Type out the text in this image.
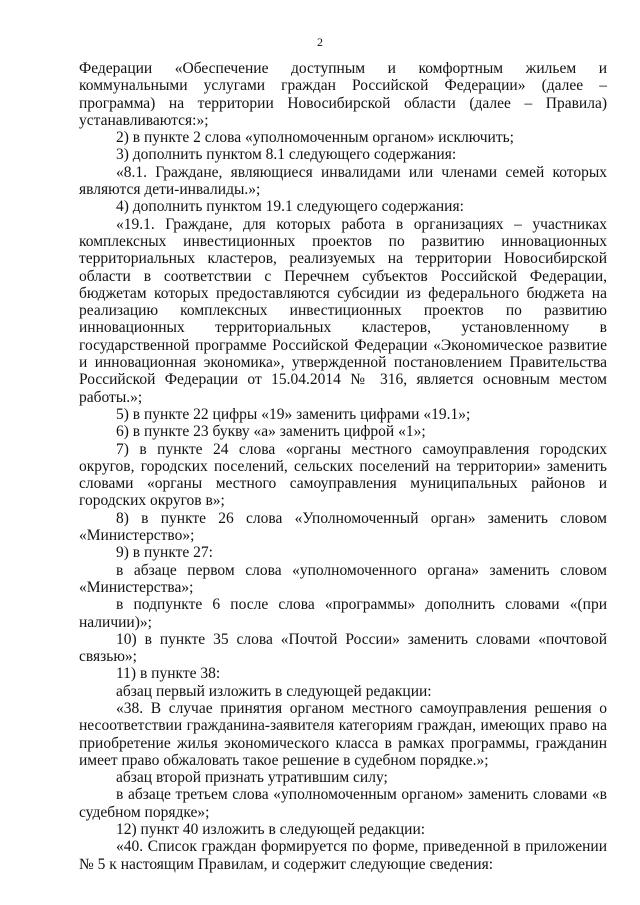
2

Федерации «Обеспечение доступным и комфортным жильем и коммунальными услугами граждан Российской Федерации» (далее – программа) на территории Новосибирской области (далее – Правила) устанавливаются:»;

2) в пункте 2 слова «уполномоченным органом» исключить;

3) дополнить пунктом 8.1 следующего содержания:

«8.1. Граждане, являющиеся инвалидами или членами семей которых являются дети-инвалиды.»;

4) дополнить пунктом 19.1 следующего содержания:

«19.1. Граждане, для которых работа в организациях – участниках комплексных инвестиционных проектов по развитию инновационных территориальных кластеров, реализуемых на территории Новосибирской области в соответствии с Перечнем субъектов Российской Федерации, бюджетам которых предоставляются субсидии из федерального бюджета на реализацию комплексных инвестиционных проектов по развитию инновационных территориальных кластеров, установленному в государственной программе Российской Федерации «Экономическое развитие и инновационная экономика», утвержденной постановлением Правительства Российской Федерации от 15.04.2014 № 316, является основным местом работы.»;

5) в пункте 22 цифры «19» заменить цифрами «19.1»;

6) в пункте 23 букву «а» заменить цифрой «1»;

7) в пункте 24 слова «органы местного самоуправления городских округов, городских поселений, сельских поселений на территории» заменить словами «органы местного самоуправления муниципальных районов и городских округов в»;

8) в пункте 26 слова «Уполномоченный орган» заменить словом «Министерство»;

9) в пункте 27:

в абзаце первом слова «уполномоченного органа» заменить словом «Министерства»;

в подпункте 6 после слова «программы» дополнить словами «(при наличии)»;

10) в пункте 35 слова «Почтой России» заменить словами «почтовой связью»;

11) в пункте 38:

абзац первый изложить в следующей редакции:

«38. В случае принятия органом местного самоуправления решения о несоответствии гражданина-заявителя категориям граждан, имеющих право на приобретение жилья экономического класса в рамках программы, гражданин имеет право обжаловать такое решение в судебном порядке.»;

абзац второй признать утратившим силу;

в абзаце третьем слова «уполномоченным органом» заменить словами «в судебном порядке»;

12) пункт 40 изложить в следующей редакции:

«40. Список граждан формируется по форме, приведенной в приложении № 5 к настоящим Правилам, и содержит следующие сведения:
